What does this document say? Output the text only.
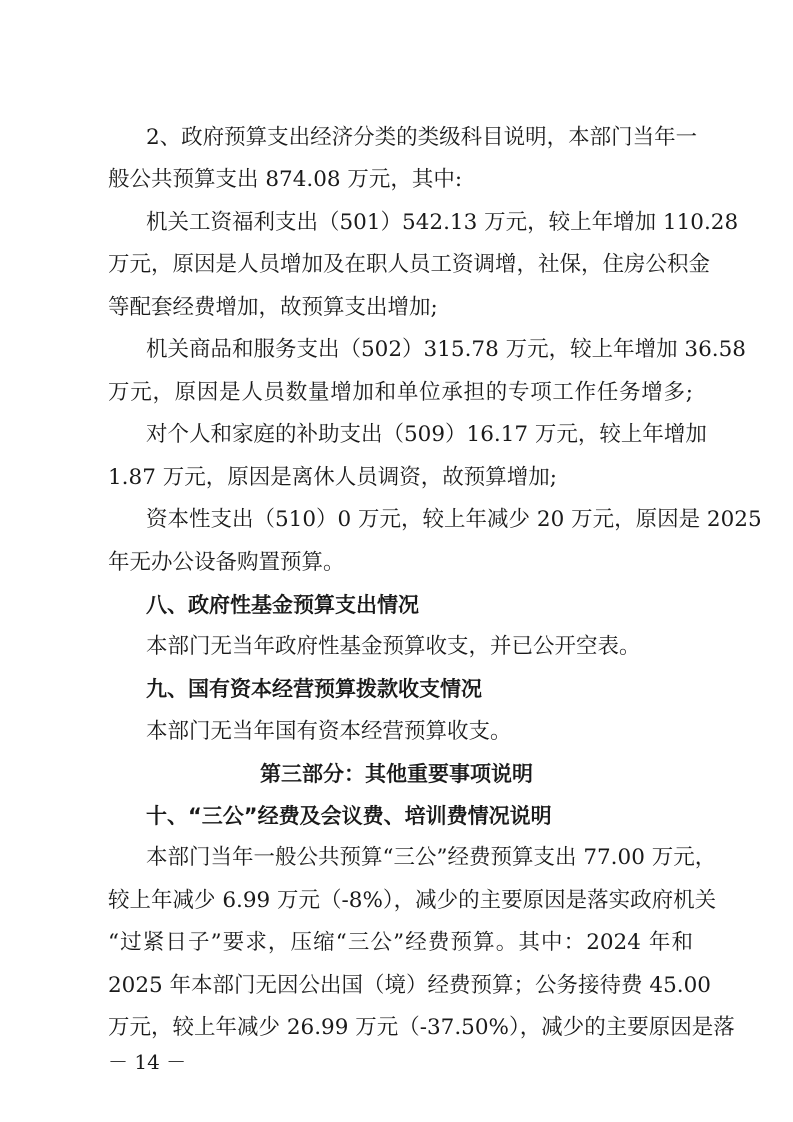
2、政府预算支出经济分类的类级科目说明，本部门当年一
般公共预算支出 874.08 万元，其中:
机关工资福利支出（501）542.13 万元，较上年增加 110.28
万元，原因是人员增加及在职人员工资调增，社保，住房公积金
等配套经费增加，故预算支出增加;
机关商品和服务支出（502）315.78 万元，较上年增加 36.58
万元，原因是人员数量增加和单位承担的专项工作任务增多;
对个人和家庭的补助支出（509）16.17 万元，较上年增加
1.87 万元，原因是离休人员调资，故预算增加;
资本性支出（510）0 万元，较上年减少 20 万元，原因是 2025
年无办公设备购置预算。
八、政府性基金预算支出情况
本部门无当年政府性基金预算收支，并已公开空表。
九、国有资本经营预算拨款收支情况
本部门无当年国有资本经营预算收支。
第三部分：其他重要事项说明
十、“三公”经费及会议费、培训费情况说明
本部门当年一般公共预算“三公”经费预算支出 77.00 万元，
较上年减少 6.99 万元（-8%），减少的主要原因是落实政府机关
“过紧日子”要求，压缩“三公”经费预算。其中：2024 年和
2025 年本部门无因公出国（境）经费预算；公务接待费 45.00
万元，较上年减少 26.99 万元（-37.50%），减少的主要原因是落
－ 14 －
